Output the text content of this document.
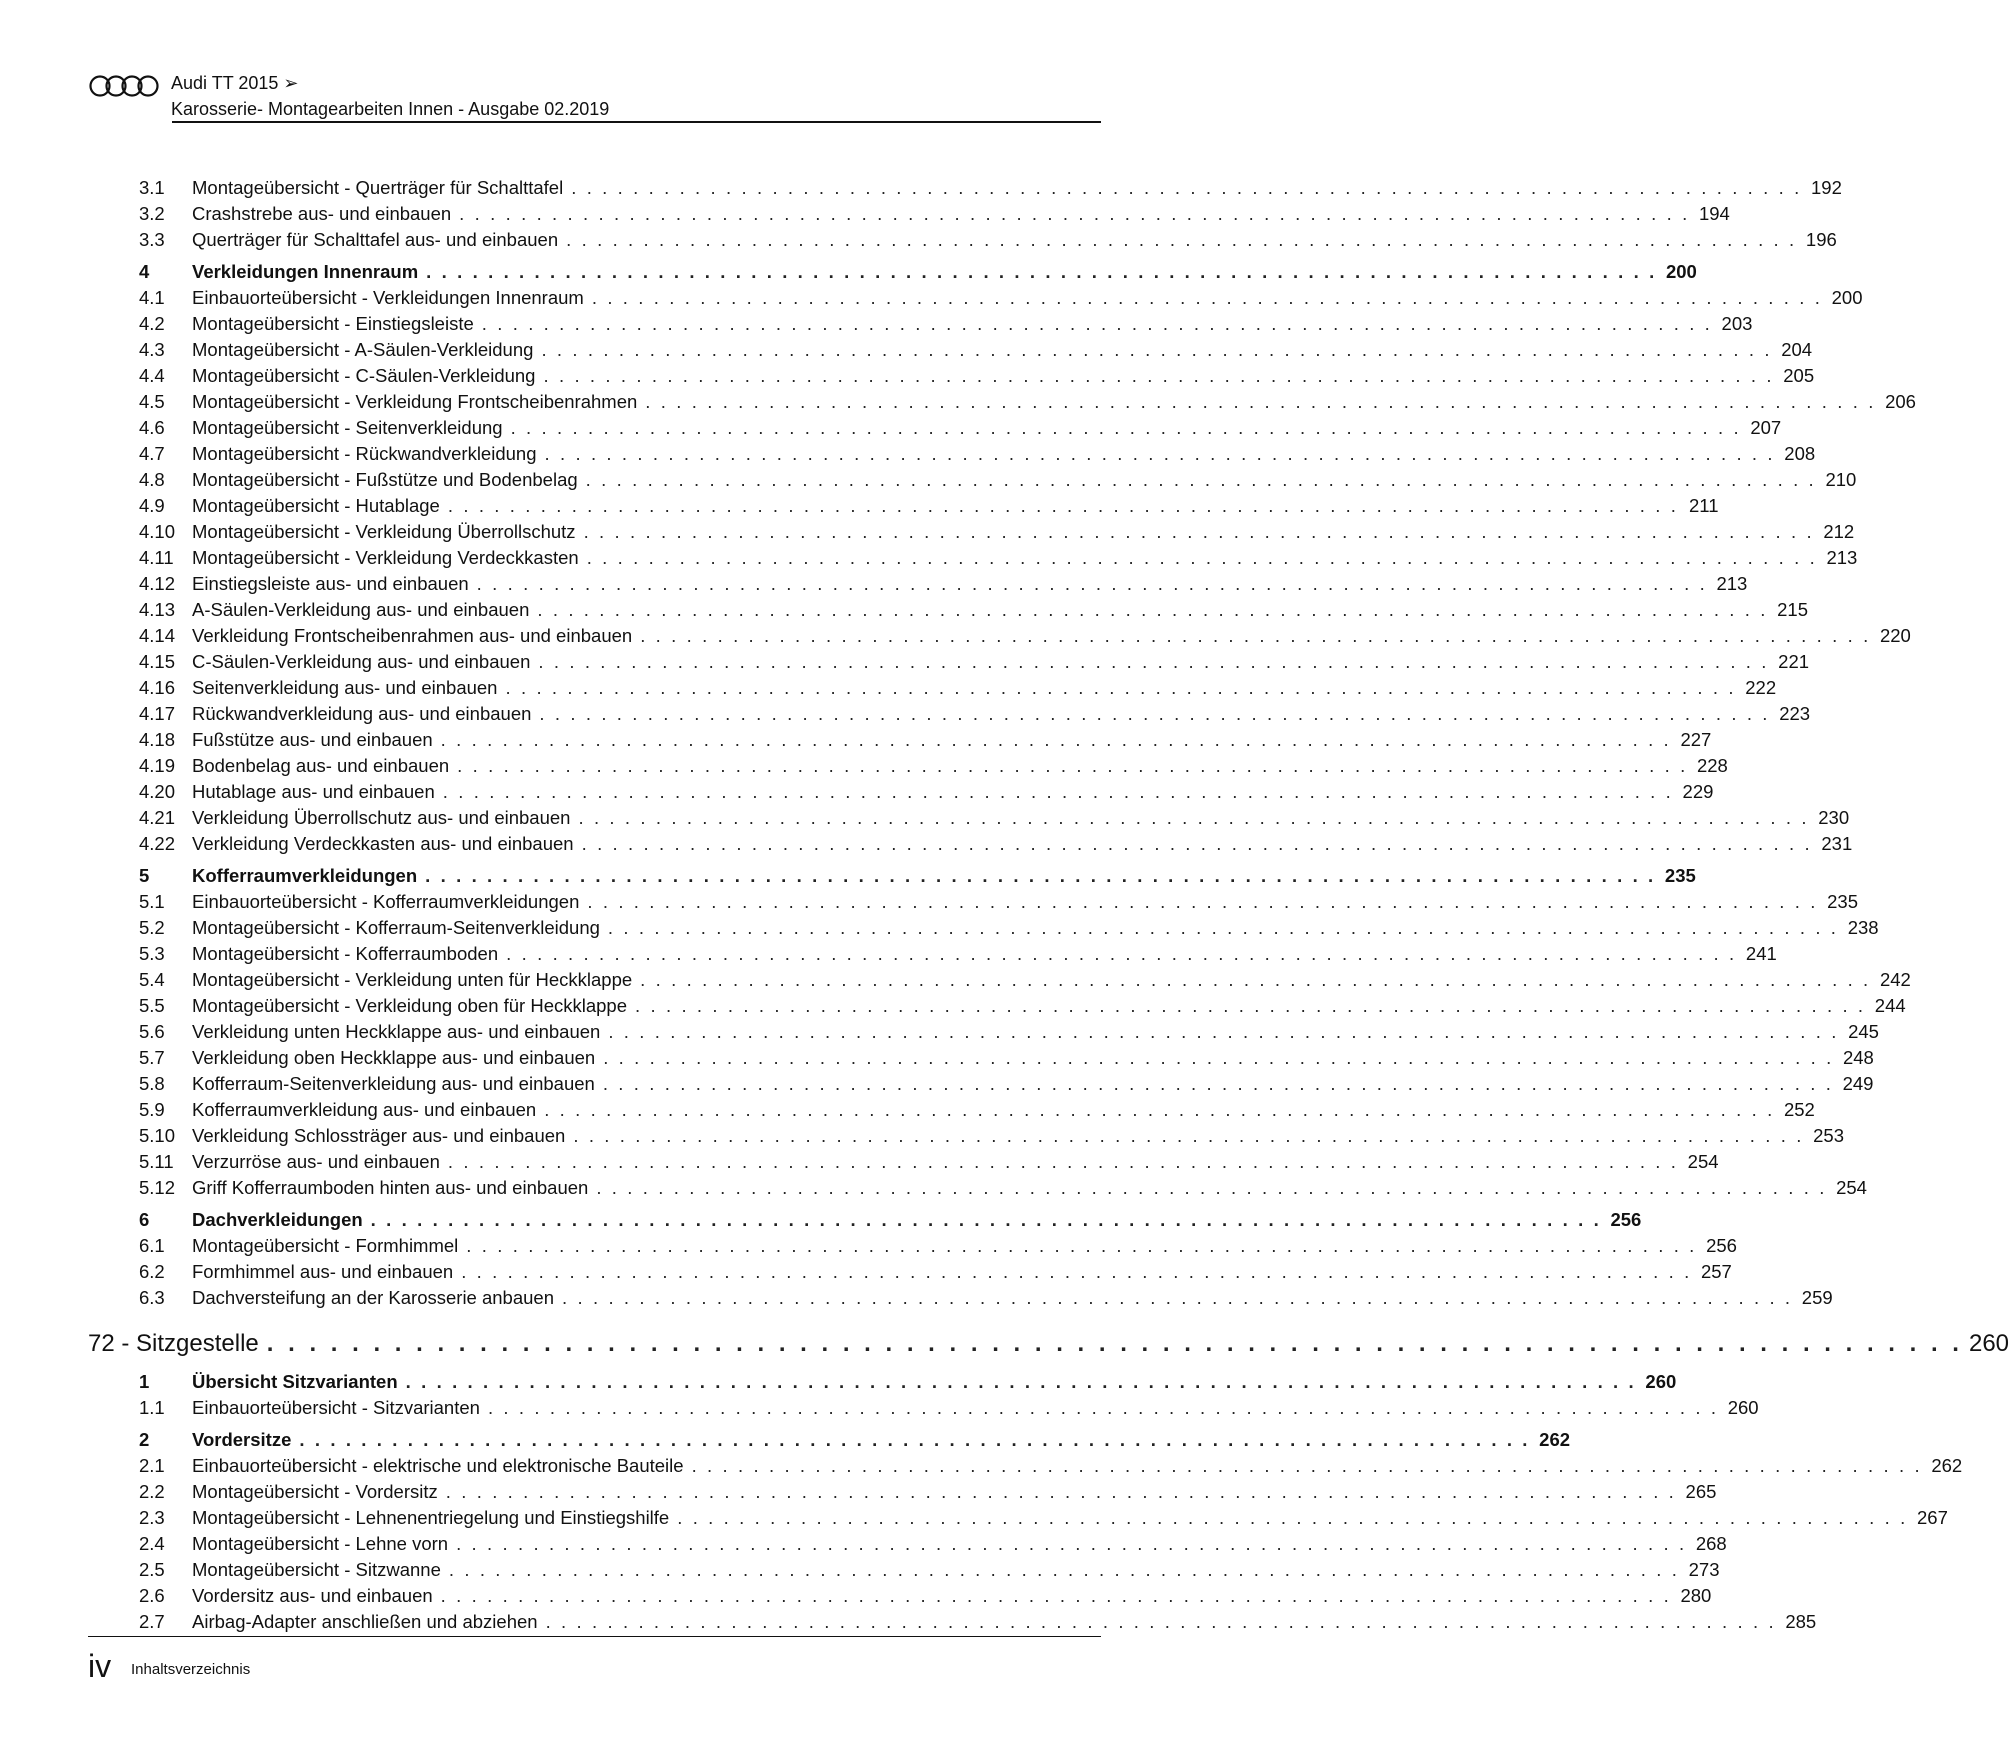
Audi TT 2015 ➢
Karosserie- Montagearbeiten Innen - Ausgabe 02.2019
3.1	Montageübersicht - Querträger für Schalttafel . . . . . . . . . . . . . . . . . . . . . . . . . . . . . . . . . . . . . . . . . . . . . . . . . . . . . . . . . . . . . . . . . . . . . . . . . . . . . . . . 192
3.2	Crashstrebe aus- und einbauen . . . . . . . . . . . . . . . . . . . . . . . . . . . . . . . . . . . . . . . . . . . . . . . . . . . . . . . . . . . . . . . . . . . . . . . . . . . . . . . . 194
3.3	Querträger für Schalttafel aus- und einbauen . . . . . . . . . . . . . . . . . . . . . . . . . . . . . . . . . . . . . . . . . . . . . . . . . . . . . . . . . . . . . . . . . . . . . . . . . . . . . . . . 196
4	Verkleidungen Innenraum . . . . . . . . . . . . . . . . . . . . . . . . . . . . . . . . . . . . . . . . . . . . . . . . . . . . . . . . . . . . . . . . . . . . . . . . . . . . . . . . 200
4.1	Einbauorteübersicht - Verkleidungen Innenraum . . . . . . . . . . . . . . . . . . . . . . . . . . . . . . . . . . . . . . . . . . . . . . . . . . . . . . . . . . . . . . . . . . . . . . . . . . . . . . . . 200
4.2	Montageübersicht - Einstiegsleiste . . . . . . . . . . . . . . . . . . . . . . . . . . . . . . . . . . . . . . . . . . . . . . . . . . . . . . . . . . . . . . . . . . . . . . . . . . . . . . . . 203
4.3	Montageübersicht - A-Säulen-Verkleidung . . . . . . . . . . . . . . . . . . . . . . . . . . . . . . . . . . . . . . . . . . . . . . . . . . . . . . . . . . . . . . . . . . . . . . . . . . . . . . . . 204
4.4	Montageübersicht - C-Säulen-Verkleidung . . . . . . . . . . . . . . . . . . . . . . . . . . . . . . . . . . . . . . . . . . . . . . . . . . . . . . . . . . . . . . . . . . . . . . . . . . . . . . . . 205
4.5	Montageübersicht - Verkleidung Frontscheibenrahmen . . . . . . . . . . . . . . . . . . . . . . . . . . . . . . . . . . . . . . . . . . . . . . . . . . . . . . . . . . . . . . . . . . . . . . . . . . . . . . . . 206
4.6	Montageübersicht - Seitenverkleidung . . . . . . . . . . . . . . . . . . . . . . . . . . . . . . . . . . . . . . . . . . . . . . . . . . . . . . . . . . . . . . . . . . . . . . . . . . . . . . . . 207
4.7	Montageübersicht - Rückwandverkleidung . . . . . . . . . . . . . . . . . . . . . . . . . . . . . . . . . . . . . . . . . . . . . . . . . . . . . . . . . . . . . . . . . . . . . . . . . . . . . . . . 208
4.8	Montageübersicht - Fußstütze und Bodenbelag . . . . . . . . . . . . . . . . . . . . . . . . . . . . . . . . . . . . . . . . . . . . . . . . . . . . . . . . . . . . . . . . . . . . . . . . . . . . . . . . 210
4.9	Montageübersicht - Hutablage . . . . . . . . . . . . . . . . . . . . . . . . . . . . . . . . . . . . . . . . . . . . . . . . . . . . . . . . . . . . . . . . . . . . . . . . . . . . . . . . 211
4.10 Montageübersicht - Verkleidung Überrollschutz . . . . . . . . . . . . . . . . . . . . . . . . . . . . . . . . . . . . . . . . . . . . . . . . . . . . . . . . . . . . . . . . . . . . . . . . . . . . . . . . 212
4.11 Montageübersicht - Verkleidung Verdeckkasten . . . . . . . . . . . . . . . . . . . . . . . . . . . . . . . . . . . . . . . . . . . . . . . . . . . . . . . . . . . . . . . . . . . . . . . . . . . . . . . . 213
4.12 Einstiegsleiste aus- und einbauen . . . . . . . . . . . . . . . . . . . . . . . . . . . . . . . . . . . . . . . . . . . . . . . . . . . . . . . . . . . . . . . . . . . . . . . . . . . . . . . . 213
4.13 A-Säulen-Verkleidung aus- und einbauen . . . . . . . . . . . . . . . . . . . . . . . . . . . . . . . . . . . . . . . . . . . . . . . . . . . . . . . . . . . . . . . . . . . . . . . . . . . . . . . . 215
4.14 Verkleidung Frontscheibenrahmen aus- und einbauen . . . . . . . . . . . . . . . . . . . . . . . . . . . . . . . . . . . . . . . . . . . . . . . . . . . . . . . . . . . . . . . . . . . . . . . . . . . . . . . . 220
4.15 C-Säulen-Verkleidung aus- und einbauen . . . . . . . . . . . . . . . . . . . . . . . . . . . . . . . . . . . . . . . . . . . . . . . . . . . . . . . . . . . . . . . . . . . . . . . . . . . . . . . . 221
4.16 Seitenverkleidung aus- und einbauen . . . . . . . . . . . . . . . . . . . . . . . . . . . . . . . . . . . . . . . . . . . . . . . . . . . . . . . . . . . . . . . . . . . . . . . . . . . . . . . . 222
4.17 Rückwandverkleidung aus- und einbauen . . . . . . . . . . . . . . . . . . . . . . . . . . . . . . . . . . . . . . . . . . . . . . . . . . . . . . . . . . . . . . . . . . . . . . . . . . . . . . . . 223
4.18 Fußstütze aus- und einbauen . . . . . . . . . . . . . . . . . . . . . . . . . . . . . . . . . . . . . . . . . . . . . . . . . . . . . . . . . . . . . . . . . . . . . . . . . . . . . . . . 227
4.19 Bodenbelag aus- und einbauen . . . . . . . . . . . . . . . . . . . . . . . . . . . . . . . . . . . . . . . . . . . . . . . . . . . . . . . . . . . . . . . . . . . . . . . . . . . . . . . . 228
4.20 Hutablage aus- und einbauen . . . . . . . . . . . . . . . . . . . . . . . . . . . . . . . . . . . . . . . . . . . . . . . . . . . . . . . . . . . . . . . . . . . . . . . . . . . . . . . . 229
4.21 Verkleidung Überrollschutz aus- und einbauen . . . . . . . . . . . . . . . . . . . . . . . . . . . . . . . . . . . . . . . . . . . . . . . . . . . . . . . . . . . . . . . . . . . . . . . . . . . . . . . . 230
4.22 Verkleidung Verdeckkasten aus- und einbauen . . . . . . . . . . . . . . . . . . . . . . . . . . . . . . . . . . . . . . . . . . . . . . . . . . . . . . . . . . . . . . . . . . . . . . . . . . . . . . . . 231
5	Kofferraumverkleidungen . . . . . . . . . . . . . . . . . . . . . . . . . . . . . . . . . . . . . . . . . . . . . . . . . . . . . . . . . . . . . . . . . . . . . . . . . . . . . . . . 235
5.1	Einbauorteübersicht - Kofferraumverkleidungen . . . . . . . . . . . . . . . . . . . . . . . . . . . . . . . . . . . . . . . . . . . . . . . . . . . . . . . . . . . . . . . . . . . . . . . . . . . . . . . . 235
5.2	Montageübersicht - Kofferraum-Seitenverkleidung . . . . . . . . . . . . . . . . . . . . . . . . . . . . . . . . . . . . . . . . . . . . . . . . . . . . . . . . . . . . . . . . . . . . . . . . . . . . . . . . 238
5.3	Montageübersicht - Kofferraumboden . . . . . . . . . . . . . . . . . . . . . . . . . . . . . . . . . . . . . . . . . . . . . . . . . . . . . . . . . . . . . . . . . . . . . . . . . . . . . . . . 241
5.4	Montageübersicht - Verkleidung unten für Heckklappe . . . . . . . . . . . . . . . . . . . . . . . . . . . . . . . . . . . . . . . . . . . . . . . . . . . . . . . . . . . . . . . . . . . . . . . . . . . . . . . . 242
5.5	Montageübersicht - Verkleidung oben für Heckklappe . . . . . . . . . . . . . . . . . . . . . . . . . . . . . . . . . . . . . . . . . . . . . . . . . . . . . . . . . . . . . . . . . . . . . . . . . . . . . . . . 244
5.6	Verkleidung unten Heckklappe aus- und einbauen . . . . . . . . . . . . . . . . . . . . . . . . . . . . . . . . . . . . . . . . . . . . . . . . . . . . . . . . . . . . . . . . . . . . . . . . . . . . . . . . 245
5.7	Verkleidung oben Heckklappe aus- und einbauen . . . . . . . . . . . . . . . . . . . . . . . . . . . . . . . . . . . . . . . . . . . . . . . . . . . . . . . . . . . . . . . . . . . . . . . . . . . . . . . . 248
5.8	Kofferraum-Seitenverkleidung aus- und einbauen . . . . . . . . . . . . . . . . . . . . . . . . . . . . . . . . . . . . . . . . . . . . . . . . . . . . . . . . . . . . . . . . . . . . . . . . . . . . . . . . 249
5.9	Kofferraumverkleidung aus- und einbauen . . . . . . . . . . . . . . . . . . . . . . . . . . . . . . . . . . . . . . . . . . . . . . . . . . . . . . . . . . . . . . . . . . . . . . . . . . . . . . . . 252
5.10 Verkleidung Schlossträger aus- und einbauen . . . . . . . . . . . . . . . . . . . . . . . . . . . . . . . . . . . . . . . . . . . . . . . . . . . . . . . . . . . . . . . . . . . . . . . . . . . . . . . . 253
5.11 Verzurröse aus- und einbauen . . . . . . . . . . . . . . . . . . . . . . . . . . . . . . . . . . . . . . . . . . . . . . . . . . . . . . . . . . . . . . . . . . . . . . . . . . . . . . . . 254
5.12 Griff Kofferraumboden hinten aus- und einbauen . . . . . . . . . . . . . . . . . . . . . . . . . . . . . . . . . . . . . . . . . . . . . . . . . . . . . . . . . . . . . . . . . . . . . . . . . . . . . . . . 254
6	Dachverkleidungen . . . . . . . . . . . . . . . . . . . . . . . . . . . . . . . . . . . . . . . . . . . . . . . . . . . . . . . . . . . . . . . . . . . . . . . . . . . . . . . . 256
6.1	Montageübersicht - Formhimmel . . . . . . . . . . . . . . . . . . . . . . . . . . . . . . . . . . . . . . . . . . . . . . . . . . . . . . . . . . . . . . . . . . . . . . . . . . . . . . . . 256
6.2	Formhimmel aus- und einbauen . . . . . . . . . . . . . . . . . . . . . . . . . . . . . . . . . . . . . . . . . . . . . . . . . . . . . . . . . . . . . . . . . . . . . . . . . . . . . . . . 257
6.3	Dachversteifung an der Karosserie anbauen . . . . . . . . . . . . . . . . . . . . . . . . . . . . . . . . . . . . . . . . . . . . . . . . . . . . . . . . . . . . . . . . . . . . . . . . . . . . . . . . 259
72 - Sitzgestelle . . . . . . . . . . . . . . . . . . . . . . . . . . . . . . . . . . . . . . . . . . . . . . . . . . . . . . . . . . . . . . . . . . . . . . . . . . . . . . . . 260
1	Übersicht Sitzvarianten . . . . . . . . . . . . . . . . . . . . . . . . . . . . . . . . . . . . . . . . . . . . . . . . . . . . . . . . . . . . . . . . . . . . . . . . . . . . . . . . 260
1.1	Einbauorteübersicht - Sitzvarianten . . . . . . . . . . . . . . . . . . . . . . . . . . . . . . . . . . . . . . . . . . . . . . . . . . . . . . . . . . . . . . . . . . . . . . . . . . . . . . . . 260
2	Vordersitze . . . . . . . . . . . . . . . . . . . . . . . . . . . . . . . . . . . . . . . . . . . . . . . . . . . . . . . . . . . . . . . . . . . . . . . . . . . . . . . . 262
2.1	Einbauorteübersicht - elektrische und elektronische Bauteile . . . . . . . . . . . . . . . . . . . . . . . . . . . . . . . . . . . . . . . . . . . . . . . . . . . . . . . . . . . . . . . . . . . . . . . . . . . . . . . . 262
2.2	Montageübersicht - Vordersitz . . . . . . . . . . . . . . . . . . . . . . . . . . . . . . . . . . . . . . . . . . . . . . . . . . . . . . . . . . . . . . . . . . . . . . . . . . . . . . . . 265
2.3	Montageübersicht - Lehnenentriegelung und Einstiegshilfe . . . . . . . . . . . . . . . . . . . . . . . . . . . . . . . . . . . . . . . . . . . . . . . . . . . . . . . . . . . . . . . . . . . . . . . . . . . . . . . . 267
2.4	Montageübersicht - Lehne vorn . . . . . . . . . . . . . . . . . . . . . . . . . . . . . . . . . . . . . . . . . . . . . . . . . . . . . . . . . . . . . . . . . . . . . . . . . . . . . . . . 268
2.5	Montageübersicht - Sitzwanne . . . . . . . . . . . . . . . . . . . . . . . . . . . . . . . . . . . . . . . . . . . . . . . . . . . . . . . . . . . . . . . . . . . . . . . . . . . . . . . . 273
2.6	Vordersitz aus- und einbauen . . . . . . . . . . . . . . . . . . . . . . . . . . . . . . . . . . . . . . . . . . . . . . . . . . . . . . . . . . . . . . . . . . . . . . . . . . . . . . . . 280
2.7	Airbag-Adapter anschließen und abziehen . . . . . . . . . . . . . . . . . . . . . . . . . . . . . . . . . . . . . . . . . . . . . . . . . . . . . . . . . . . . . . . . . . . . . . . . . . . . . . . . 285
iv Inhaltsverzeichnis
